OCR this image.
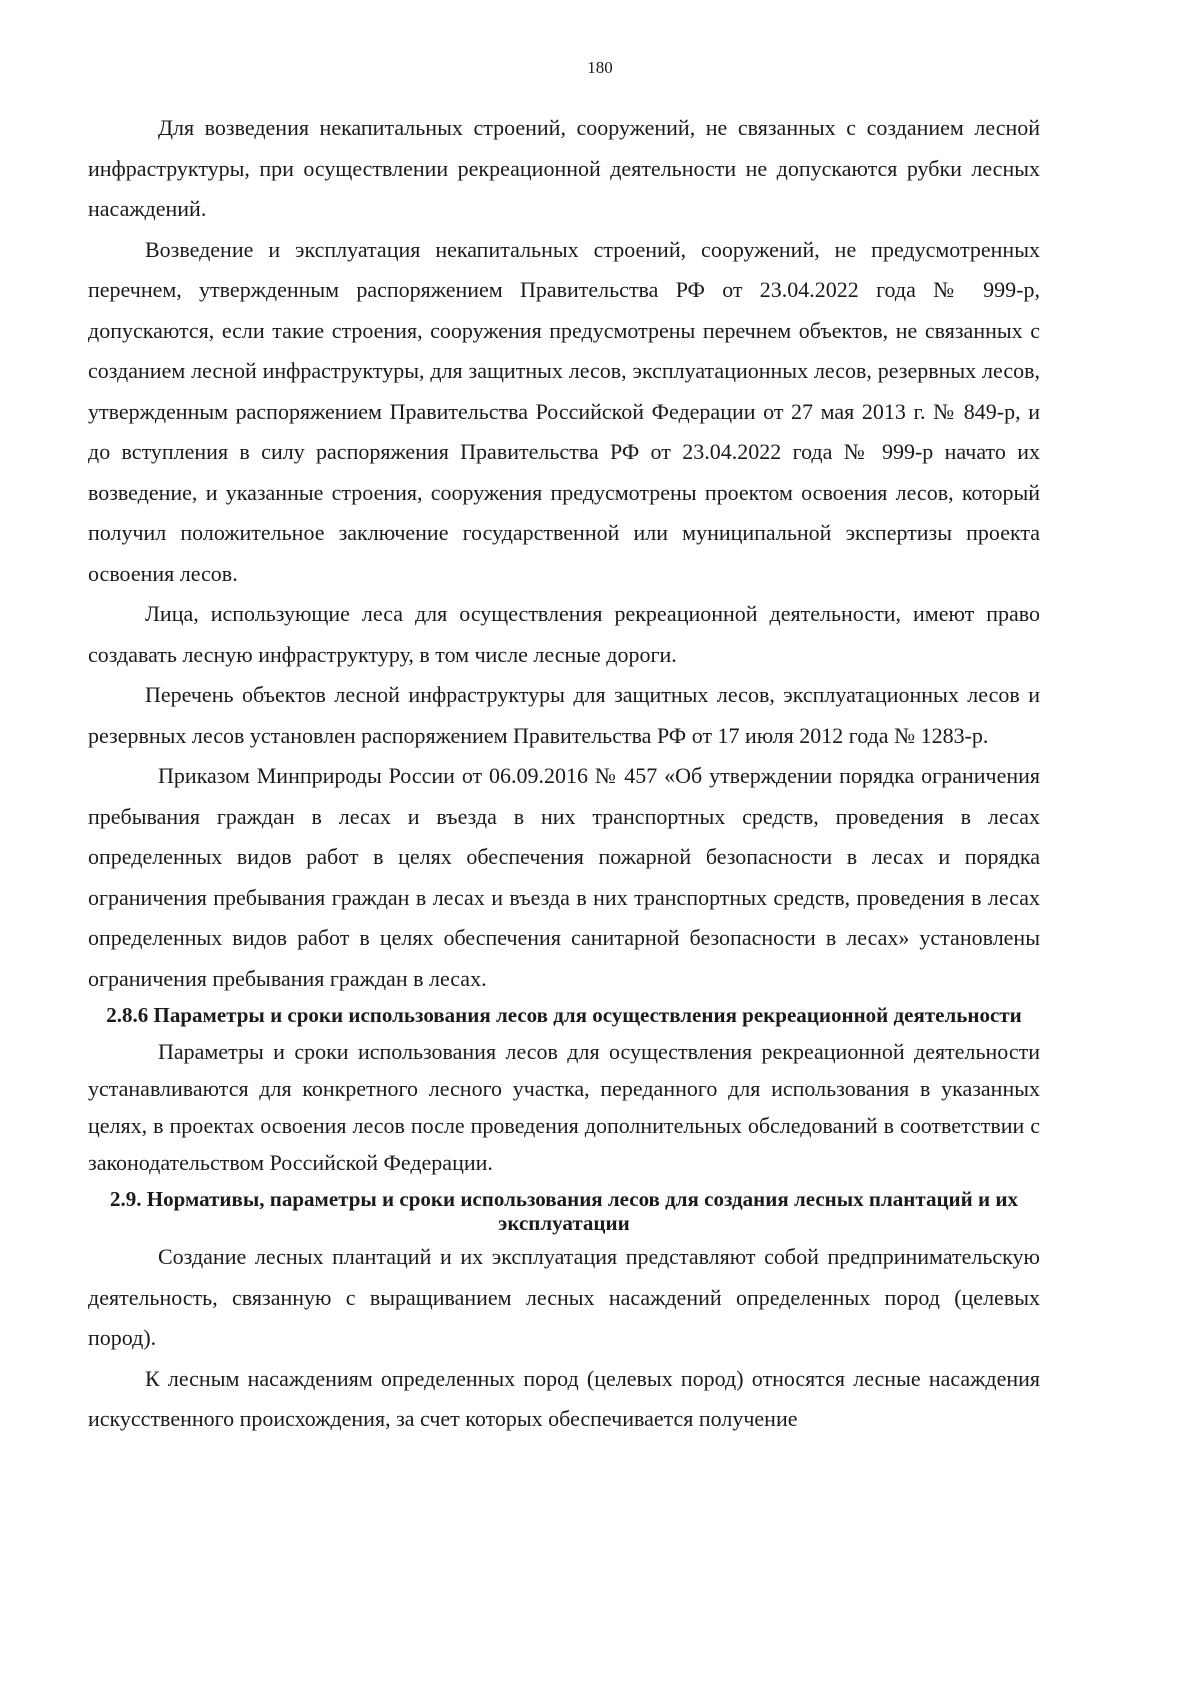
180

Для возведения некапитальных строений, сооружений, не связанных с созданием лесной инфраструктуры, при осуществлении рекреационной деятельности не допускаются рубки лесных насаждений.

Возведение и эксплуатация некапитальных строений, сооружений, не предусмотренных перечнем, утвержденным распоряжением Правительства РФ от 23.04.2022 года № 999-р, допускаются, если такие строения, сооружения предусмотрены перечнем объектов, не связанных с созданием лесной инфраструктуры, для защитных лесов, эксплуатационных лесов, резервных лесов, утвержденным распоряжением Правительства Российской Федерации от 27 мая 2013 г. № 849-р, и до вступления в силу распоряжения Правительства РФ от 23.04.2022 года № 999-р начато их возведение, и указанные строения, сооружения предусмотрены проектом освоения лесов, который получил положительное заключение государственной или муниципальной экспертизы проекта освоения лесов.

Лица, использующие леса для осуществления рекреационной деятельности, имеют право создавать лесную инфраструктуру, в том числе лесные дороги.

Перечень объектов лесной инфраструктуры для защитных лесов, эксплуатационных лесов и резервных лесов установлен распоряжением Правительства РФ от 17 июля 2012 года № 1283-р.

Приказом Минприроды России от 06.09.2016 № 457 «Об утверждении порядка ограничения пребывания граждан в лесах и въезда в них транспортных средств, проведения в лесах определенных видов работ в целях обеспечения пожарной безопасности в лесах и порядка ограничения пребывания граждан в лесах и въезда в них транспортных средств, проведения в лесах определенных видов работ в целях обеспечения санитарной безопасности в лесах» установлены ограничения пребывания граждан в лесах.

2.8.6 Параметры и сроки использования лесов для осуществления рекреационной деятельности

Параметры и сроки использования лесов для осуществления рекреационной деятельности устанавливаются для конкретного лесного участка, переданного для использования в указанных целях, в проектах освоения лесов после проведения дополнительных обследований в соответствии с законодательством Российской Федерации.

2.9. Нормативы, параметры и сроки использования лесов для создания лесных плантаций и их эксплуатации

Создание лесных плантаций и их эксплуатация представляют собой предпринимательскую деятельность, связанную с выращиванием лесных насаждений определенных пород (целевых пород).

К лесным насаждениям определенных пород (целевых пород) относятся лесные насаждения искусственного происхождения, за счет которых обеспечивается получение
